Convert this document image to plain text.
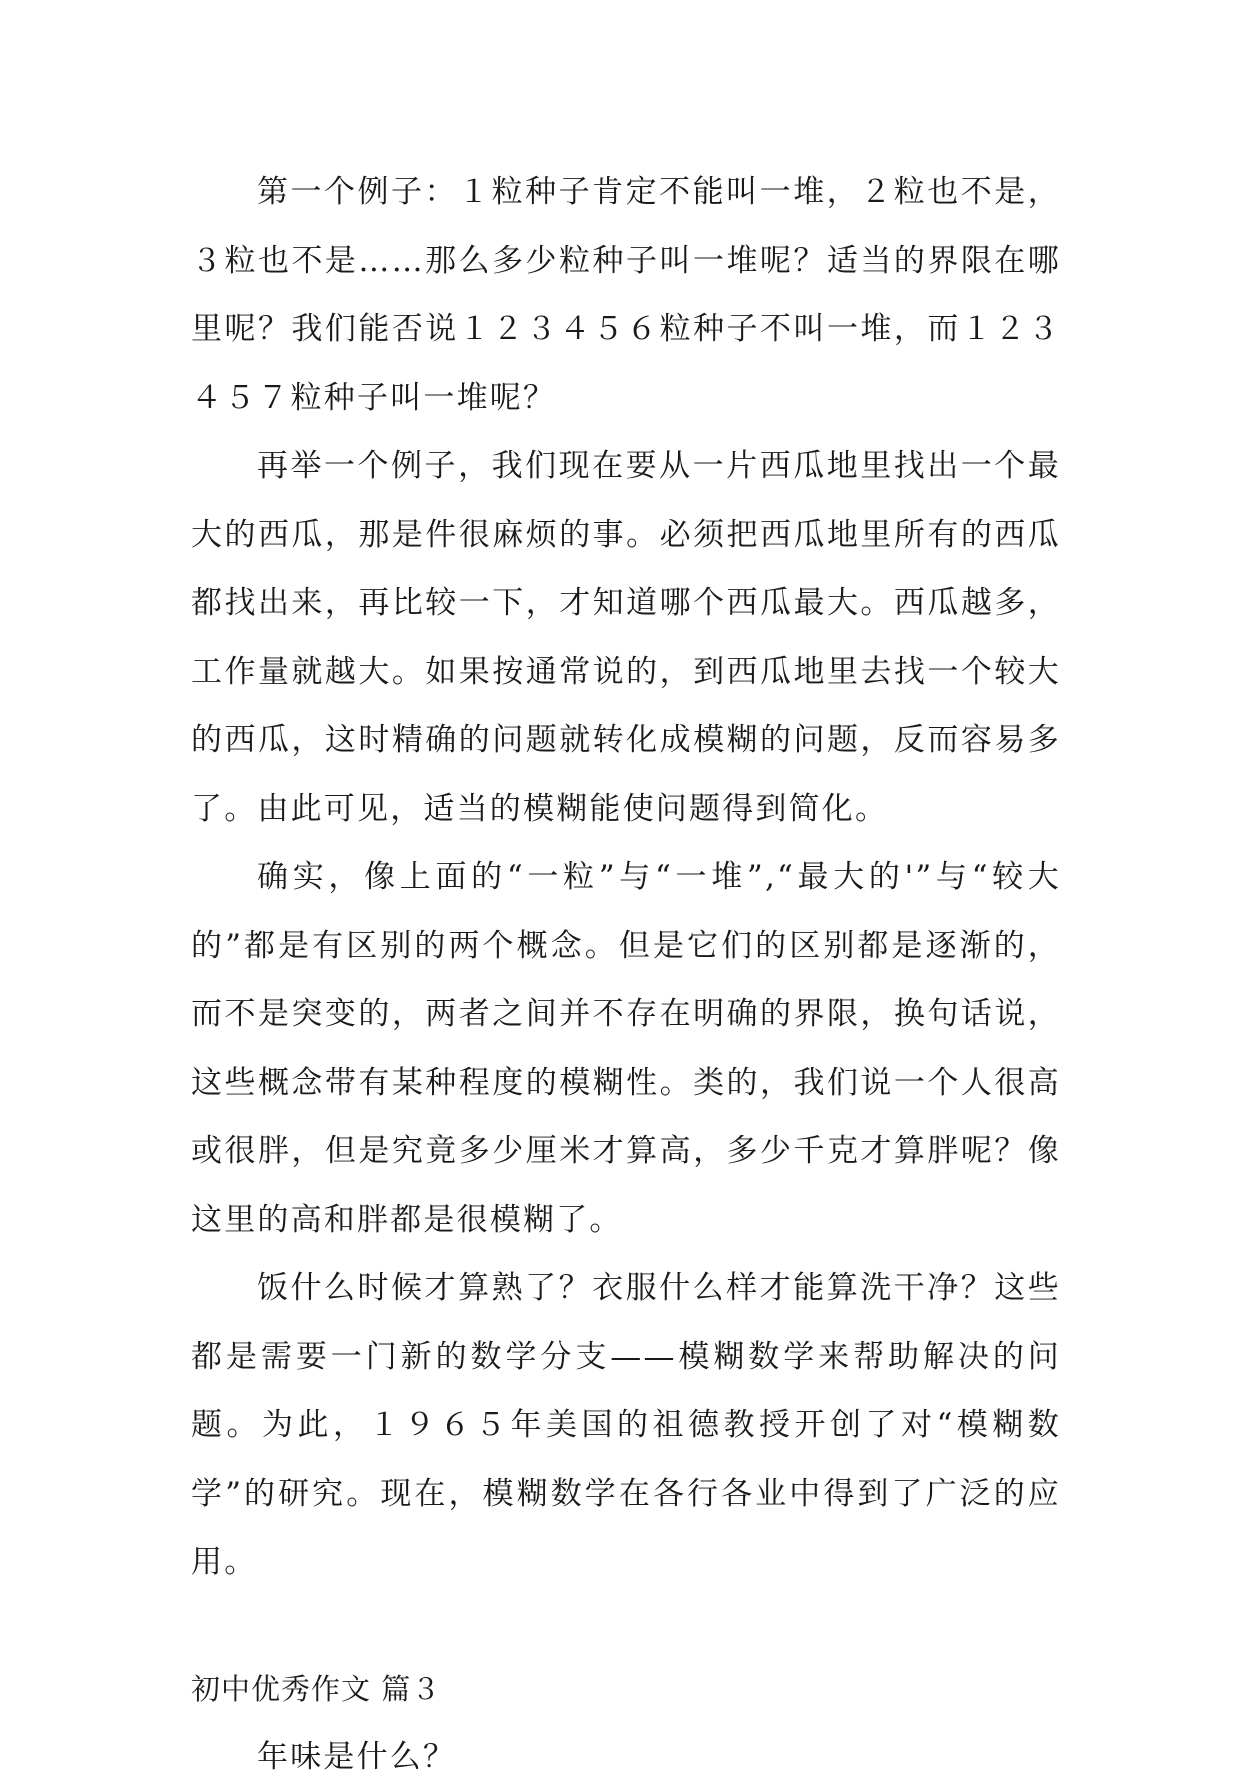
第一个例子：１粒种子肯定不能叫一堆，２粒也不是，３粒也不是……那么多少粒种子叫一堆呢？适当的界限在哪里呢？我们能否说１２３４５６粒种子不叫一堆，而１２３４５７粒种子叫一堆呢？

再举一个例子，我们现在要从一片西瓜地里找出一个最大的西瓜，那是件很麻烦的事。必须把西瓜地里所有的西瓜都找出来，再比较一下，才知道哪个西瓜最大。西瓜越多，工作量就越大。如果按通常说的，到西瓜地里去找一个较大的西瓜，这时精确的问题就转化成模糊的问题，反而容易多了。由此可见，适当的模糊能使问题得到简化。

确实，像上面的“一粒”与“一堆”,“最大的'”与“较大的”都是有区别的两个概念。但是它们的区别都是逐渐的，而不是突变的，两者之间并不存在明确的界限，换句话说，这些概念带有某种程度的模糊性。类的，我们说一个人很高或很胖，但是究竟多少厘米才算高，多少千克才算胖呢？像这里的高和胖都是很模糊了。

饭什么时候才算熟了？衣服什么样才能算洗干净？这些都是需要一门新的数学分支——模糊数学来帮助解决的问题。为此，１９６５年美国的祖德教授开创了对“模糊数学”的研究。现在，模糊数学在各行各业中得到了广泛的应用。

初中优秀作文 篇３

年味是什么？
